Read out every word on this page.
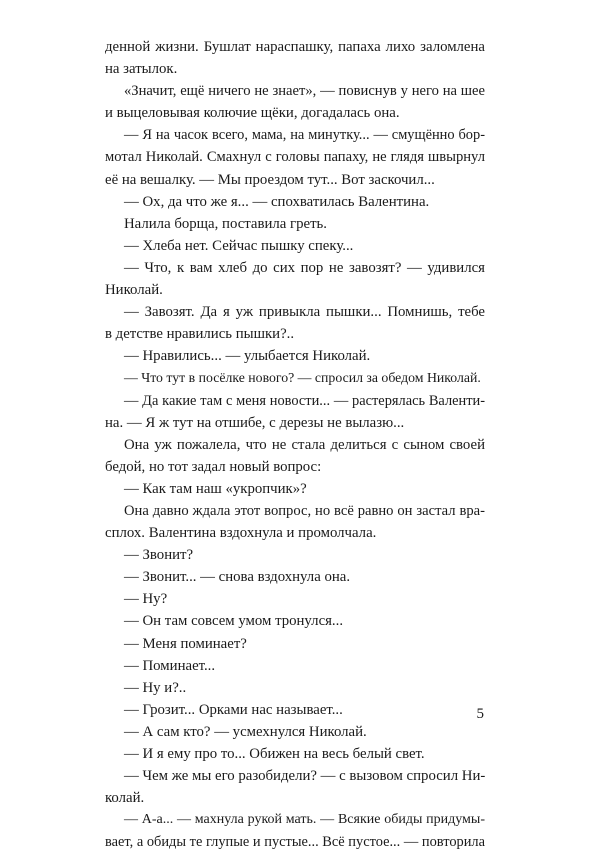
денной жизни. Бушлат нараспашку, папаха лихо заломлена
на затылок.
«Значит, ещё ничего не знает», — повиснув у него на шее
и выцеловывая колючие щёки, догадалась она.
— Я на часок всего, мама, на минутку... — смущённо бор-
мотал Николай. Смахнул с головы папаху, не глядя швырнул
её на вешалку. — Мы проездом тут... Вот заскочил...
— Ох, да что же я... — спохватилась Валентина.
Налила борща, поставила греть.
— Хлеба нет. Сейчас пышку спеку...
— Что, к вам хлеб до сих пор не завозят? — удивился
Николай.
— Завозят. Да я уж привыкла пышки... Помнишь, тебе
в детстве нравились пышки?..
— Нравились... — улыбается Николай.
— Что тут в посёлке нового? — спросил за обедом Николай.
— Да какие там с меня новости... — растерялась Валенти-
на. — Я ж тут на отшибе, с дерезы не вылазю...
Она уж пожалела, что не стала делиться с сыном своей
бедой, но тот задал новый вопрос:
— Как там наш «укропчик»?
Она давно ждала этот вопрос, но всё равно он застал вра-
сплох. Валентина вздохнула и промолчала.
— Звонит?
— Звонит... — снова вздохнула она.
— Ну?
— Он там совсем умом тронулся...
— Меня поминает?
— Поминает...
— Ну и?..
— Грозит... Орками нас называет...
— А сам кто? — усмехнулся Николай.
— И я ему про то... Обижен на весь белый свет.
— Чем же мы его разобидели? — с вызовом спросил Ни-
колай.
— А-а... — махнула рукой мать. — Всякие обиды придумы-
вает, а обиды те глупые и пустые... Всё пустое... — повторила
5
